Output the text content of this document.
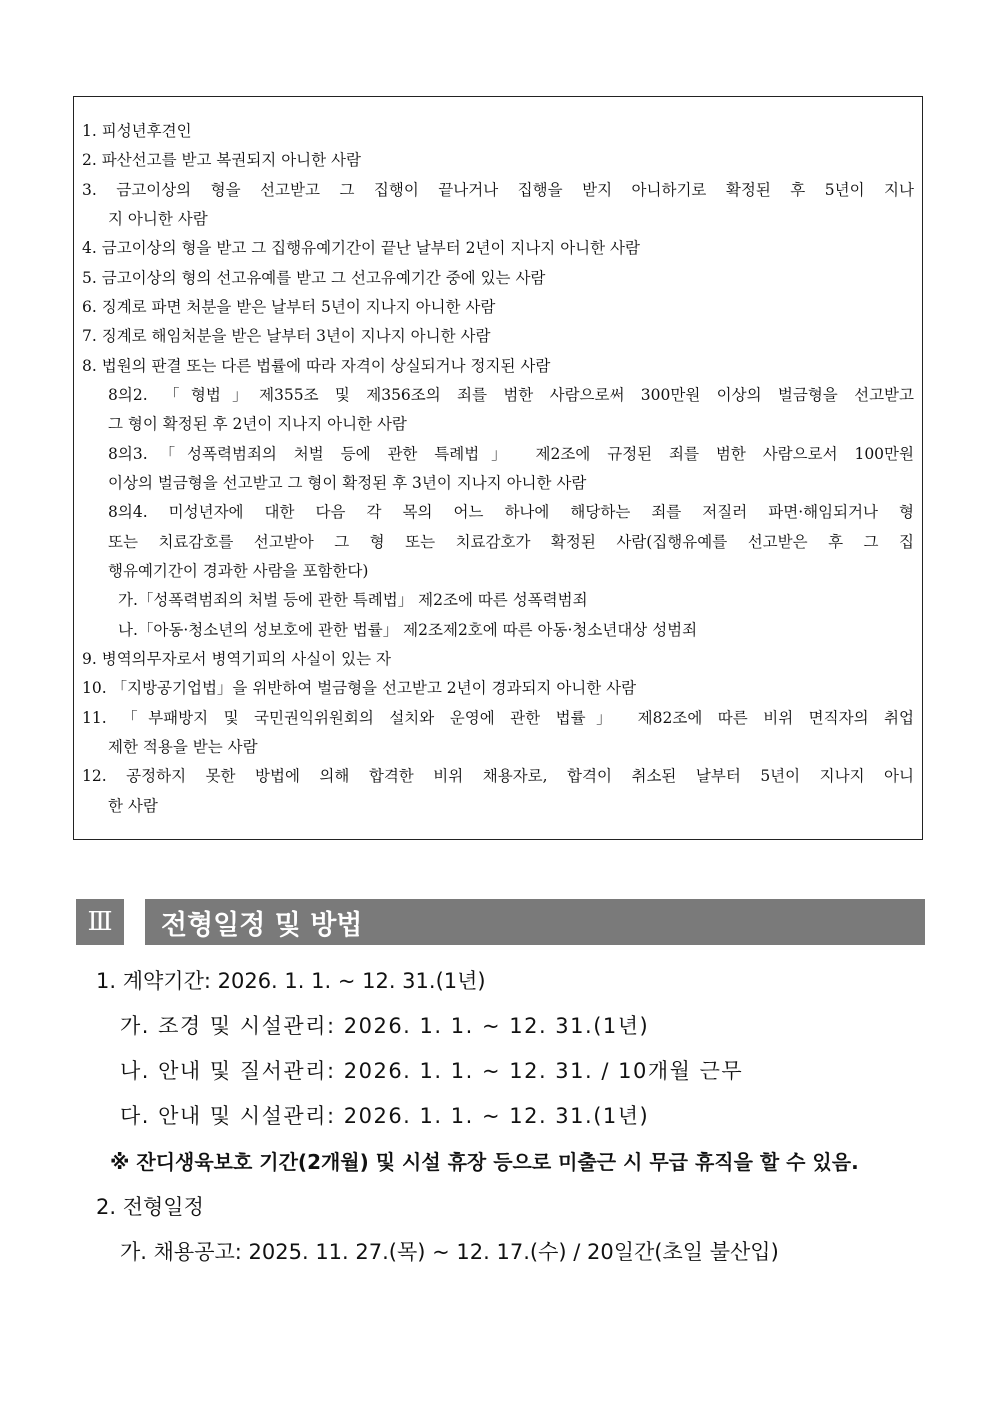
1. 피성년후견인
2. 파산선고를 받고 복권되지 아니한 사람
3. 금고이상의 형을 선고받고 그 집행이 끝나거나 집행을 받지 아니하기로 확정된 후 5년이 지나
지 아니한 사람
4. 금고이상의 형을 받고 그 집행유예기간이 끝난 날부터 2년이 지나지 아니한 사람
5. 금고이상의 형의 선고유예를 받고 그 선고유예기간 중에 있는 사람
6. 징계로 파면 처분을 받은 날부터 5년이 지나지 아니한 사람
7. 징계로 해임처분을 받은 날부터 3년이 지나지 아니한 사람
8. 법원의 판결 또는 다른 법률에 따라 자격이 상실되거나 정지된 사람
8의2. 「형법」제355조 및 제356조의 죄를 범한 사람으로써 300만원 이상의 벌금형을 선고받고
그 형이 확정된 후 2년이 지나지 아니한 사람
8의3.「성폭력범죄의 처벌 등에 관한 특례법」 제2조에 규정된 죄를 범한 사람으로서 100만원
이상의 벌금형을 선고받고 그 형이 확정된 후 3년이 지나지 아니한 사람
8의4. 미성년자에 대한 다음 각 목의 어느 하나에 해당하는 죄를 저질러 파면·해임되거나 형
또는 치료감호를 선고받아 그 형 또는 치료감호가 확정된 사람(집행유예를 선고받은 후 그 집
행유예기간이 경과한 사람을 포함한다)
가.「성폭력범죄의 처벌 등에 관한 특례법」 제2조에 따른 성폭력범죄
나.「아동·청소년의 성보호에 관한 법률」 제2조제2호에 따른 아동·청소년대상 성범죄
9. 병역의무자로서 병역기피의 사실이 있는 자
10. 「지방공기업법」을 위반하여 벌금형을 선고받고 2년이 경과되지 아니한 사람
11. 「부패방지 및 국민권익위원회의 설치와 운영에 관한 법률」 제82조에 따른 비위 면직자의 취업
제한 적용을 받는 사람
12. 공정하지 못한 방법에 의해 합격한 비위 채용자로, 합격이 취소된 날부터 5년이 지나지 아니
한 사람
Ⅲ	전형일정 및 방법
1. 계약기간: 2026. 1. 1. ~ 12. 31.(1년)
가. 조경 및 시설관리: 2026. 1. 1. ~ 12. 31.(1년)
나. 안내 및 질서관리: 2026. 1. 1. ~ 12. 31. / 10개월 근무
다. 안내 및 시설관리: 2026. 1. 1. ~ 12. 31.(1년)
※ 잔디생육보호 기간(2개월) 및 시설 휴장 등으로 미출근 시 무급 휴직을 할 수 있음.
2. 전형일정
가. 채용공고: 2025. 11. 27.(목) ~ 12. 17.(수) / 20일간(초일 불산입)
